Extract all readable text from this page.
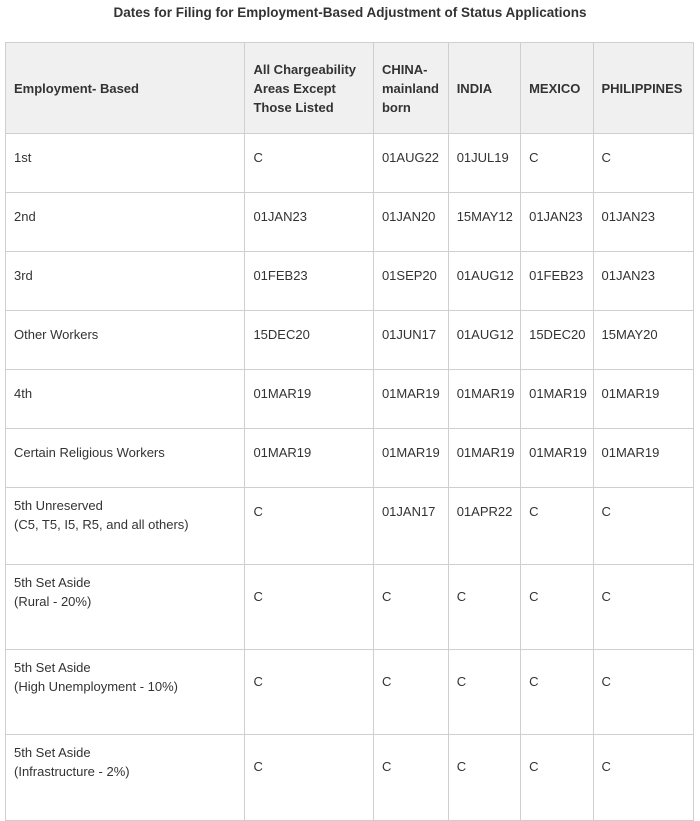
Dates for Filing for Employment-Based Adjustment of Status Applications
Employment- Based	All Chargeability Areas Except Those Listed	CHINA-mainland born	INDIA	MEXICO	PHILIPPINES
1st	C	01AUG22	01JUL19	C	C
2nd	01JAN23	01JAN20	15MAY12	01JAN23	01JAN23
3rd	01FEB23	01SEP20	01AUG12	01FEB23	01JAN23
Other Workers	15DEC20	01JUN17	01AUG12	15DEC20	15MAY20
4th	01MAR19	01MAR19	01MAR19	01MAR19	01MAR19
Certain Religious Workers	01MAR19	01MAR19	01MAR19	01MAR19	01MAR19
5th Unreserved
(C5, T5, I5, R5, and all others)	C	01JAN17	01APR22	C	C
5th Set Aside
(Rural - 20%)	C	C	C	C	C
5th Set Aside
(High Unemployment - 10%)	C	C	C	C	C
5th Set Aside
(Infrastructure - 2%)	C	C	C	C	C
